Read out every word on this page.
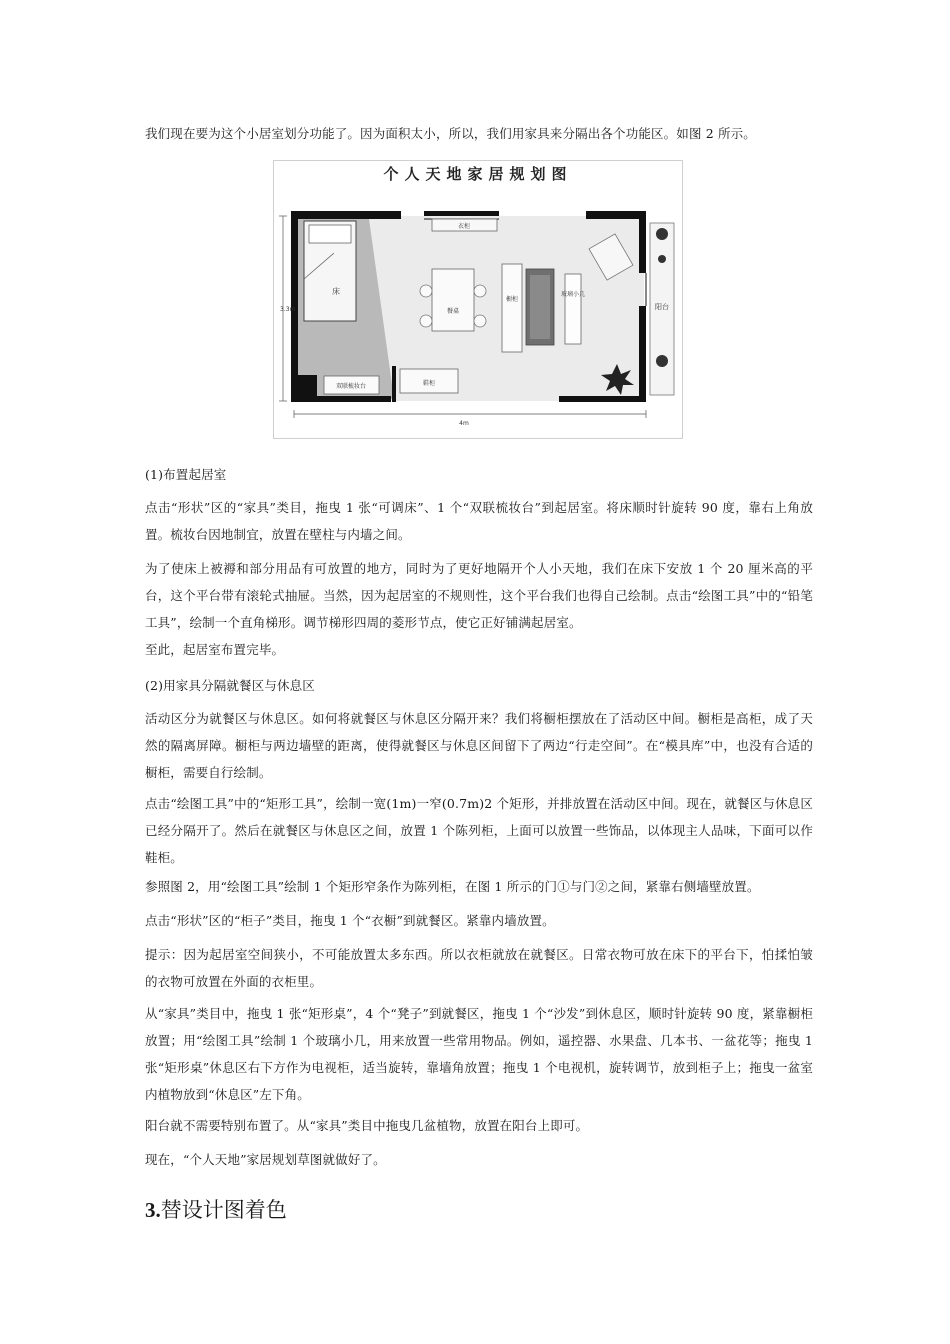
我们现在要为这个小居室划分功能了。因为面积太小，所以，我们用家具来分隔出各个功能区。如图 2 所示。

个人天地家居规划图
床
衣柜
餐桌
橱柜
玻璃小几
阳台
双联梳妆台	鞋柜
3.3m
4m

(1)布置起居室

点击“形状”区的“家具”类目，拖曳 1 张“可调床”、1 个“双联梳妆台”到起居室。将床顺时针旋转 90 度，靠右上角放置。梳妆台因地制宜，放置在壁柱与内墙之间。

为了使床上被褥和部分用品有可放置的地方，同时为了更好地隔开个人小天地，我们在床下安放 1 个 20 厘米高的平台，这个平台带有滚轮式抽屉。当然，因为起居室的不规则性，这个平台我们也得自己绘制。点击“绘图工具”中的“铅笔工具”，绘制一个直角梯形。调节梯形四周的菱形节点，使它正好铺满起居室。

至此，起居室布置完毕。

(2)用家具分隔就餐区与休息区

活动区分为就餐区与休息区。如何将就餐区与休息区分隔开来？我们将橱柜摆放在了活动区中间。橱柜是高柜，成了天然的隔离屏障。橱柜与两边墙壁的距离，使得就餐区与休息区间留下了两边“行走空间”。在“模具库”中，也没有合适的橱柜，需要自行绘制。

点击“绘图工具”中的“矩形工具”，绘制一宽(1m)一窄(0.7m)2 个矩形，并排放置在活动区中间。现在，就餐区与休息区已经分隔开了。然后在就餐区与休息区之间，放置 1 个陈列柜，上面可以放置一些饰品，以体现主人品味，下面可以作鞋柜。

参照图 2，用“绘图工具”绘制 1 个矩形窄条作为陈列柜，在图 1 所示的门①与门②之间，紧靠右侧墙壁放置。

点击“形状”区的“柜子”类目，拖曳 1 个“衣橱”到就餐区。紧靠内墙放置。

提示：因为起居室空间狭小，不可能放置太多东西。所以衣柜就放在就餐区。日常衣物可放在床下的平台下，怕揉怕皱的衣物可放置在外面的衣柜里。

从“家具”类目中，拖曳 1 张“矩形桌”，4 个“凳子”到就餐区，拖曳 1 个“沙发”到休息区，顺时针旋转 90 度，紧靠橱柜放置；用“绘图工具”绘制 1 个玻璃小几，用来放置一些常用物品。例如，遥控器、水果盘、几本书、一盆花等；拖曳 1 张“矩形桌”休息区右下方作为电视柜，适当旋转，靠墙角放置；拖曳 1 个电视机，旋转调节，放到柜子上；拖曳一盆室内植物放到“休息区”左下角。

阳台就不需要特别布置了。从“家具”类目中拖曳几盆植物，放置在阳台上即可。

现在，“个人天地”家居规划草图就做好了。

3.替设计图着色
